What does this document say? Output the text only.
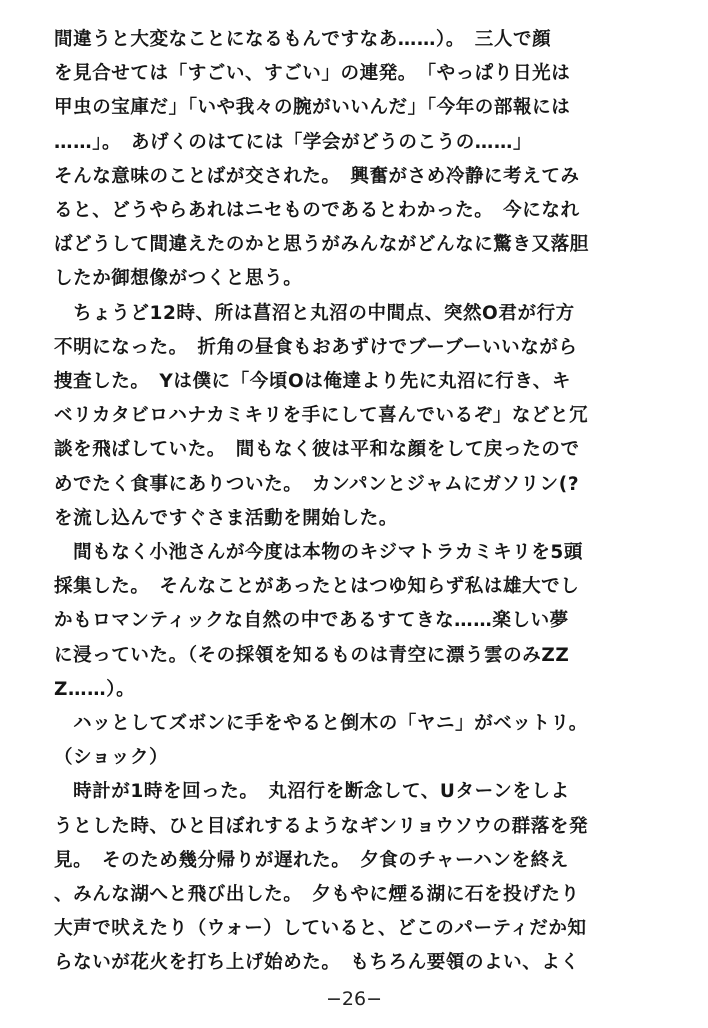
間違うと大変なことになるもんですなあ……）。　三人で顔
を見合せては「すごい、すごい」の連発。　「やっぱり日光は
甲虫の宝庫だ」「いや我々の腕がいいんだ」「今年の部報には
……」。　あげくのはてには「学会がどうのこうの……」
そんな意味のことばが交された。　興奮がさめ冷静に考えてみ
ると、どうやらあれはニセものであるとわかった。　今になれ
ばどうして間違えたのかと思うがみんながどんなに驚き又落胆
したか御想像がつくと思う。
　ちょうど12時、所は菖沼と丸沼の中間点、突然O君が行方
不明になった。　折角の昼食もおあずけでブーブーいいながら
捜査した。　Yは僕に「今頃Oは俺達より先に丸沼に行き、キ
ベリカタビロハナカミキリを手にして喜んでいるぞ」などと冗
談を飛ばしていた。　間もなく彼は平和な顔をして戻ったので
めでたく食事にありついた。　カンパンとジャムにガソリン(?
を流し込んですぐさま活動を開始した。
　間もなく小池さんが今度は本物のキジマトラカミキリを5頭
採集した。　そんなことがあったとはつゆ知らず私は雄大でし
かもロマンティックな自然の中であるすてきな……楽しい夢
に浸っていた。（その採領を知るものは青空に漂う雲のみZZ
Z……）。
　ハッとしてズボンに手をやると倒木の「ヤニ」がベットリ。
（ショック）
　時計が1時を回った。　丸沼行を断念して、Uターンをしよ
うとした時、ひと目ぼれするようなギンリョウソウの群落を発
見。　そのため幾分帰りが遅れた。　夕食のチャーハンを終え
、みんな湖へと飛び出した。　夕もやに煙る湖に石を投げたり
大声で吠えたり（ウォー）していると、どこのパーティだか知
らないが花火を打ち上げ始めた。　もちろん要領のよい、よく
−26−
